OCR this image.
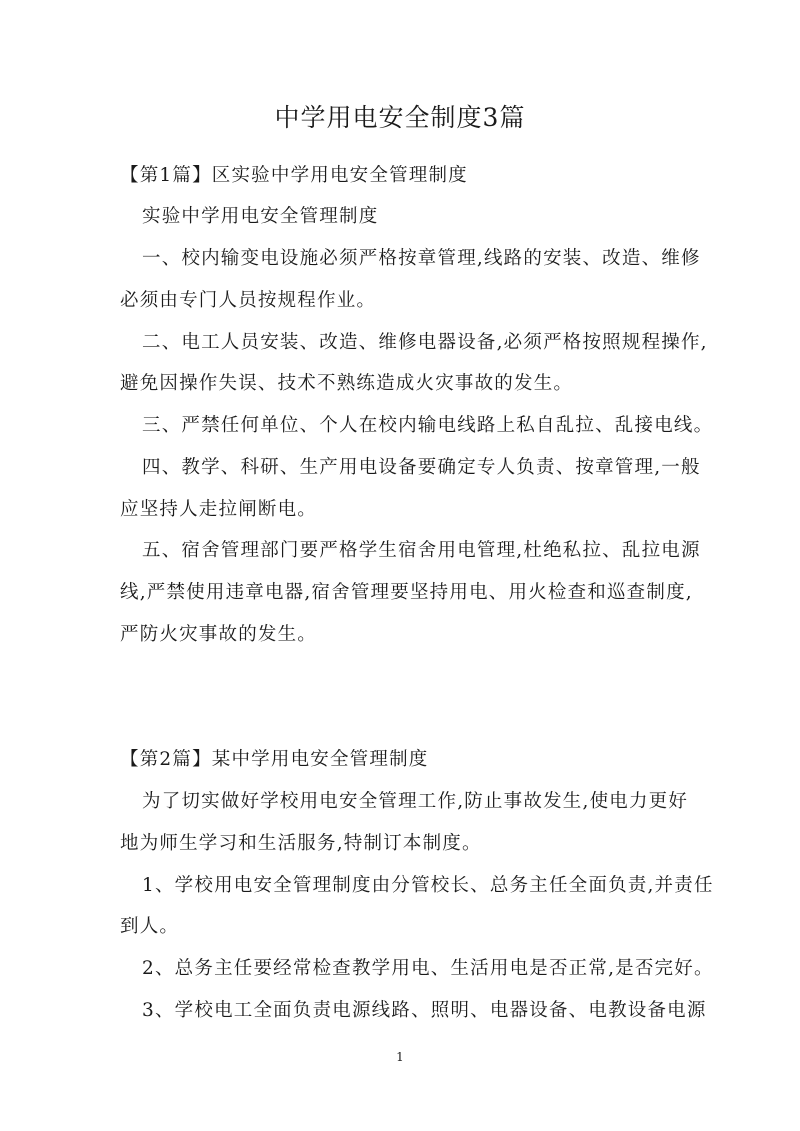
中学用电安全制度3篇

【第1篇】区实验中学用电安全管理制度

实验中学用电安全管理制度

一、校内输变电设施必须严格按章管理,线路的安装、改造、维修

必须由专门人员按规程作业。

二、电工人员安装、改造、维修电器设备,必须严格按照规程操作,

避免因操作失误、技术不熟练造成火灾事故的发生。

三、严禁任何单位、个人在校内输电线路上私自乱拉、乱接电线。

四、教学、科研、生产用电设备要确定专人负责、按章管理,一般

应坚持人走拉闸断电。

五、宿舍管理部门要严格学生宿舍用电管理,杜绝私拉、乱拉电源

线,严禁使用违章电器,宿舍管理要坚持用电、用火检查和巡查制度,

严防火灾事故的发生。

【第2篇】某中学用电安全管理制度

为了切实做好学校用电安全管理工作,防止事故发生,使电力更好

地为师生学习和生活服务,特制订本制度。

1、学校用电安全管理制度由分管校长、总务主任全面负责,并责任

到人。

2、总务主任要经常检查教学用电、生活用电是否正常,是否完好。

3、学校电工全面负责电源线路、照明、电器设备、电教设备电源

1
